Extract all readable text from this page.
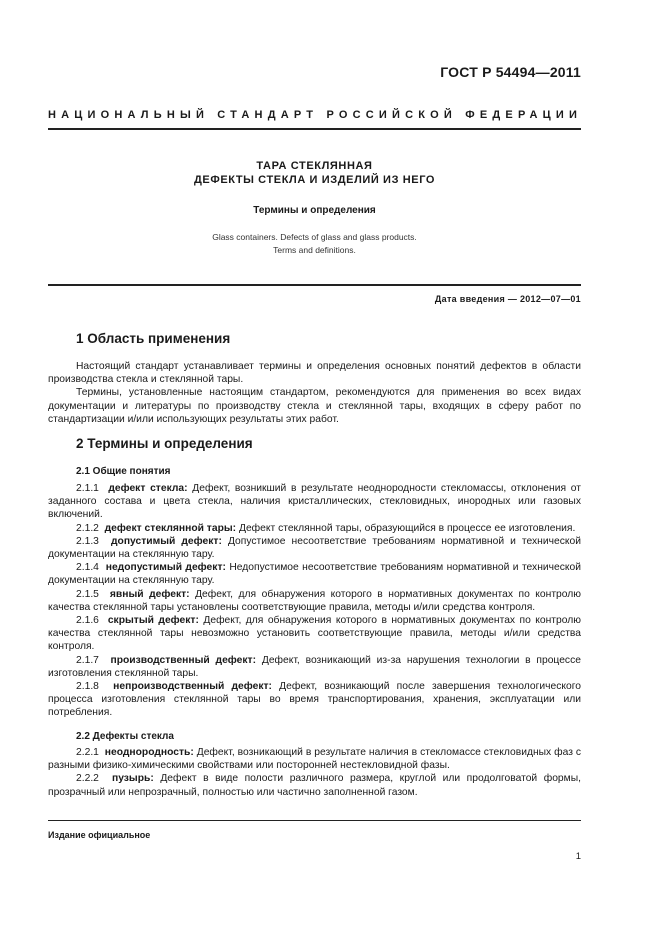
ГОСТ Р 54494—2011
НАЦИОНАЛЬНЫЙ СТАНДАРТ РОССИЙСКОЙ ФЕДЕРАЦИИ
ТАРА СТЕКЛЯННАЯ
ДЕФЕКТЫ СТЕКЛА И ИЗДЕЛИЙ ИЗ НЕГО
Термины и определения
Glass containers. Defects of glass and glass products.
Terms and definitions.
Дата введения — 2012—07—01
1 Область применения

Настоящий стандарт устанавливает термины и определения основных понятий дефектов в области производства стекла и стеклянной тары.

Термины, установленные настоящим стандартом, рекомендуются для применения во всех видах документации и литературы по производству стекла и стеклянной тары, входящих в сферу работ по стандартизации и/или использующих результаты этих работ.

2 Термины и определения
2.1 Общие понятия

2.1.1 дефект стекла: Дефект, возникший в результате неоднородности стекломассы, отклонения от заданного состава и цвета стекла, наличия кристаллических, стекловидных, инородных или газовых включений.

2.1.2 дефект стеклянной тары: Дефект стеклянной тары, образующийся в процессе ее изготовления.

2.1.3 допустимый дефект: Допустимое несоответствие требованиям нормативной и технической документации на стеклянную тару.

2.1.4 недопустимый дефект: Недопустимое несоответствие требованиям нормативной и технической документации на стеклянную тару.

2.1.5 явный дефект: Дефект, для обнаружения которого в нормативных документах по контролю качества стеклянной тары установлены соответствующие правила, методы и/или средства контроля.

2.1.6 скрытый дефект: Дефект, для обнаружения которого в нормативных документах по контролю качества стеклянной тары невозможно установить соответствующие правила, методы и/или средства контроля.

2.1.7 производственный дефект: Дефект, возникающий из-за нарушения технологии в процессе изготовления стеклянной тары.

2.1.8 непроизводственный дефект: Дефект, возникающий после завершения технологического процесса изготовления стеклянной тары во время транспортирования, хранения, эксплуатации или потребления.

2.2 Дефекты стекла

2.2.1 неоднородность: Дефект, возникающий в результате наличия в стекломассе стекловидных фаз с разными физико-химическими свойствами или посторонней нестекловидной фазы.

2.2.2 пузырь: Дефект в виде полости различного размера, круглой или продолговатой формы, прозрачный или непрозрачный, полностью или частично заполненной газом.

Издание официальное
1
